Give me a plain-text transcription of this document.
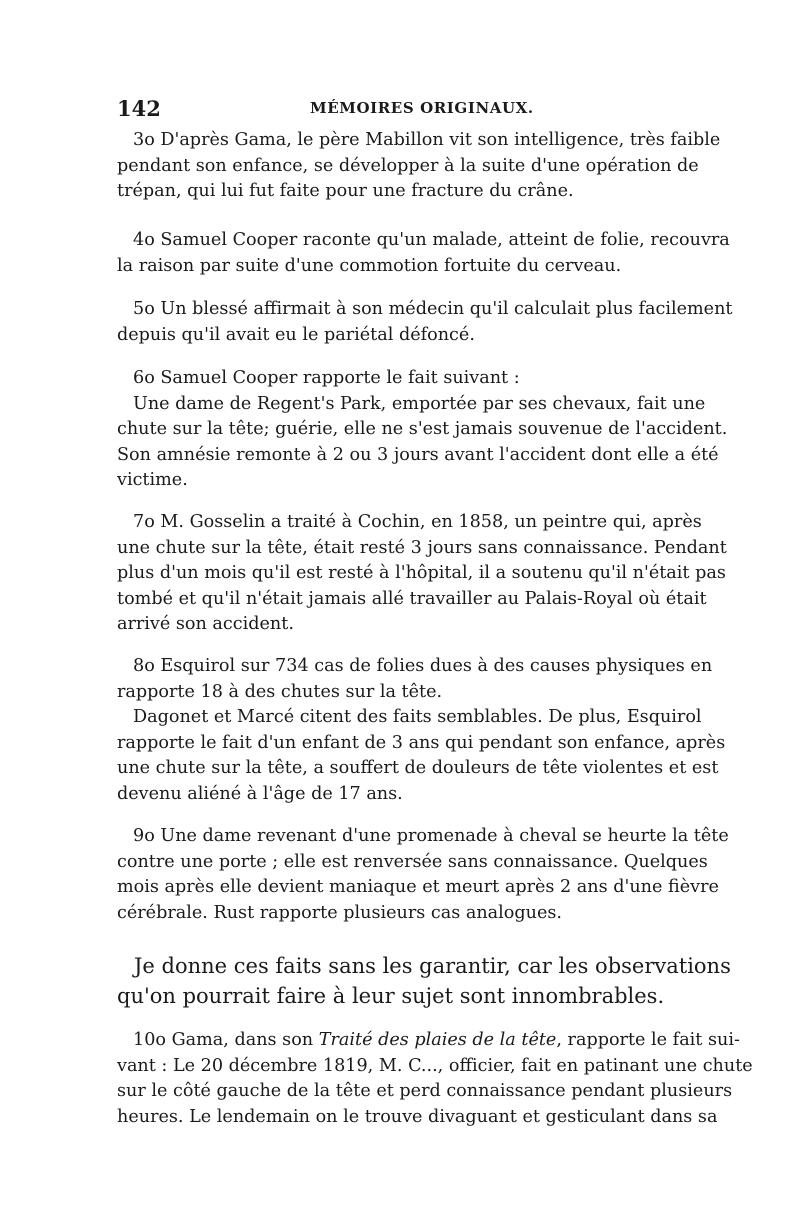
142	MÉMOIRES ORIGINAUX.
3o D'après Gama, le père Mabillon vit son intelligence, très faible
pendant son enfance, se développer à la suite d'une opération de
trépan, qui lui fut faite pour une fracture du crâne.
4o Samuel Cooper raconte qu'un malade, atteint de folie, recouvra
la raison par suite d'une commotion fortuite du cerveau.
5o Un blessé affirmait à son médecin qu'il calculait plus facilement
depuis qu'il avait eu le pariétal défoncé.
6o Samuel Cooper rapporte le fait suivant :
Une dame de Regent's Park, emportée par ses chevaux, fait une
chute sur la tête; guérie, elle ne s'est jamais souvenue de l'accident.
Son amnésie remonte à 2 ou 3 jours avant l'accident dont elle a été
victime.
7o M. Gosselin a traité à Cochin, en 1858, un peintre qui, après
une chute sur la tête, était resté 3 jours sans connaissance. Pendant
plus d'un mois qu'il est resté à l'hôpital, il a soutenu qu'il n'était pas
tombé et qu'il n'était jamais allé travailler au Palais-Royal où était
arrivé son accident.
8o Esquirol sur 734 cas de folies dues à des causes physiques en
rapporte 18 à des chutes sur la tête.
Dagonet et Marcé citent des faits semblables. De plus, Esquirol
rapporte le fait d'un enfant de 3 ans qui pendant son enfance, après
une chute sur la tête, a souffert de douleurs de tête violentes et est
devenu aliéné à l'âge de 17 ans.
9o Une dame revenant d'une promenade à cheval se heurte la tête
contre une porte ; elle est renversée sans connaissance. Quelques
mois après elle devient maniaque et meurt après 2 ans d'une fièvre
cérébrale. Rust rapporte plusieurs cas analogues.
Je donne ces faits sans les garantir, car les observations
qu'on pourrait faire à leur sujet sont innombrables.
10o Gama, dans son Traité des plaies de la tête, rapporte le fait sui-
vant : Le 20 décembre 1819, M. C..., officier, fait en patinant une chute
sur le côté gauche de la tête et perd connaissance pendant plusieurs
heures. Le lendemain on le trouve divaguant et gesticulant dans sa
